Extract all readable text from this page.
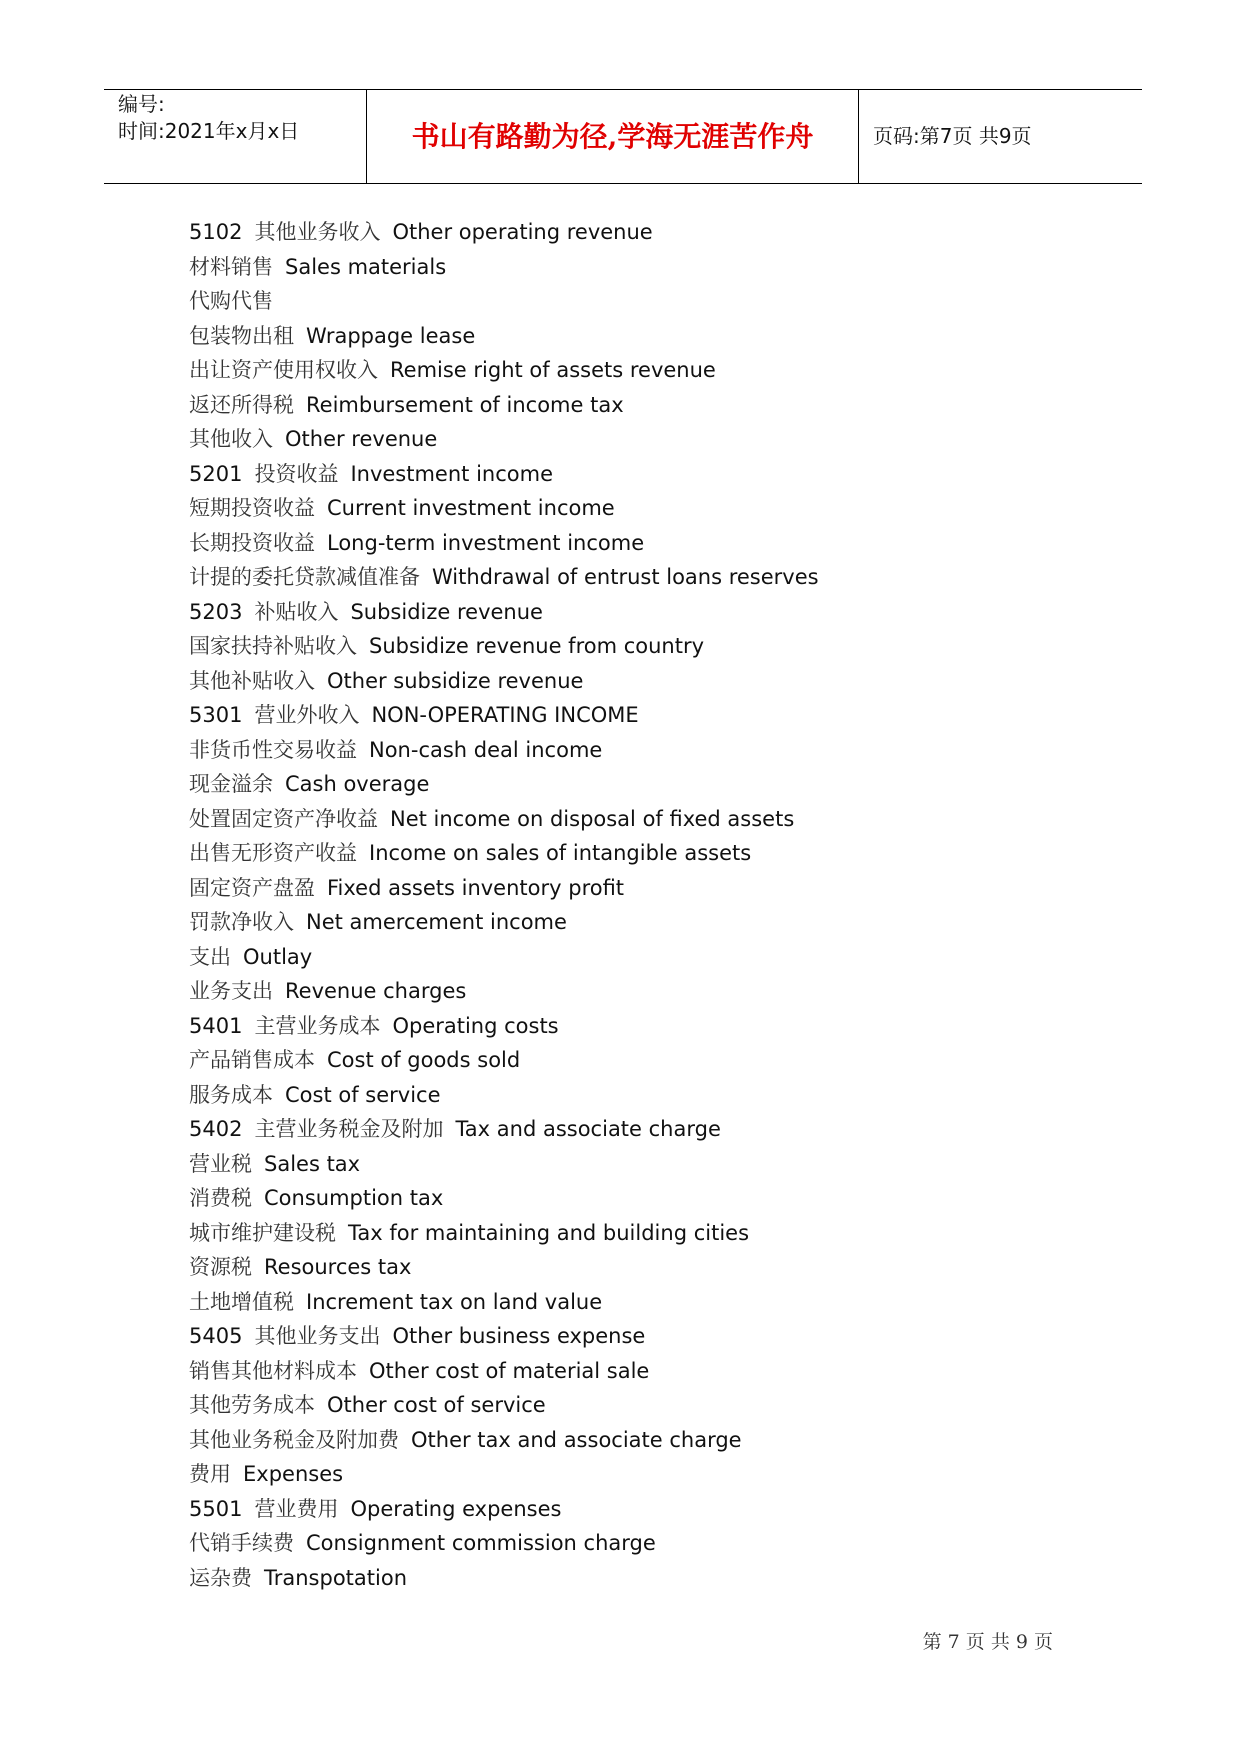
编号:
时间:2021年x月x日	书山有路勤为径,学海无涯苦作舟	页码:第7页 共9页
5102 其他业务收入 Other operating revenue
材料销售 Sales materials
代购代售
包装物出租 Wrappage lease
出让资产使用权收入 Remise right of assets revenue
返还所得税 Reimbursement of income tax
其他收入 Other revenue
5201 投资收益 Investment income
短期投资收益 Current investment income
长期投资收益 Long-term investment income
计提的委托贷款减值准备 Withdrawal of entrust loans reserves
5203 补贴收入 Subsidize revenue
国家扶持补贴收入 Subsidize revenue from country
其他补贴收入 Other subsidize revenue
5301 营业外收入 NON-OPERATING INCOME
非货币性交易收益 Non-cash deal income
现金溢余 Cash overage
处置固定资产净收益 Net income on disposal of fixed assets
出售无形资产收益 Income on sales of intangible assets
固定资产盘盈 Fixed assets inventory profit
罚款净收入 Net amercement income
支出 Outlay
业务支出 Revenue charges
5401 主营业务成本 Operating costs
产品销售成本 Cost of goods sold
服务成本 Cost of service
5402 主营业务税金及附加 Tax and associate charge
营业税 Sales tax
消费税 Consumption tax
城市维护建设税 Tax for maintaining and building cities
资源税 Resources tax
土地增值税 Increment tax on land value
5405 其他业务支出 Other business expense
销售其他材料成本 Other cost of material sale
其他劳务成本 Other cost of service
其他业务税金及附加费 Other tax and associate charge
费用 Expenses
5501 营业费用 Operating expenses
代销手续费 Consignment commission charge
运杂费 Transpotation
第 7 页 共 9 页
